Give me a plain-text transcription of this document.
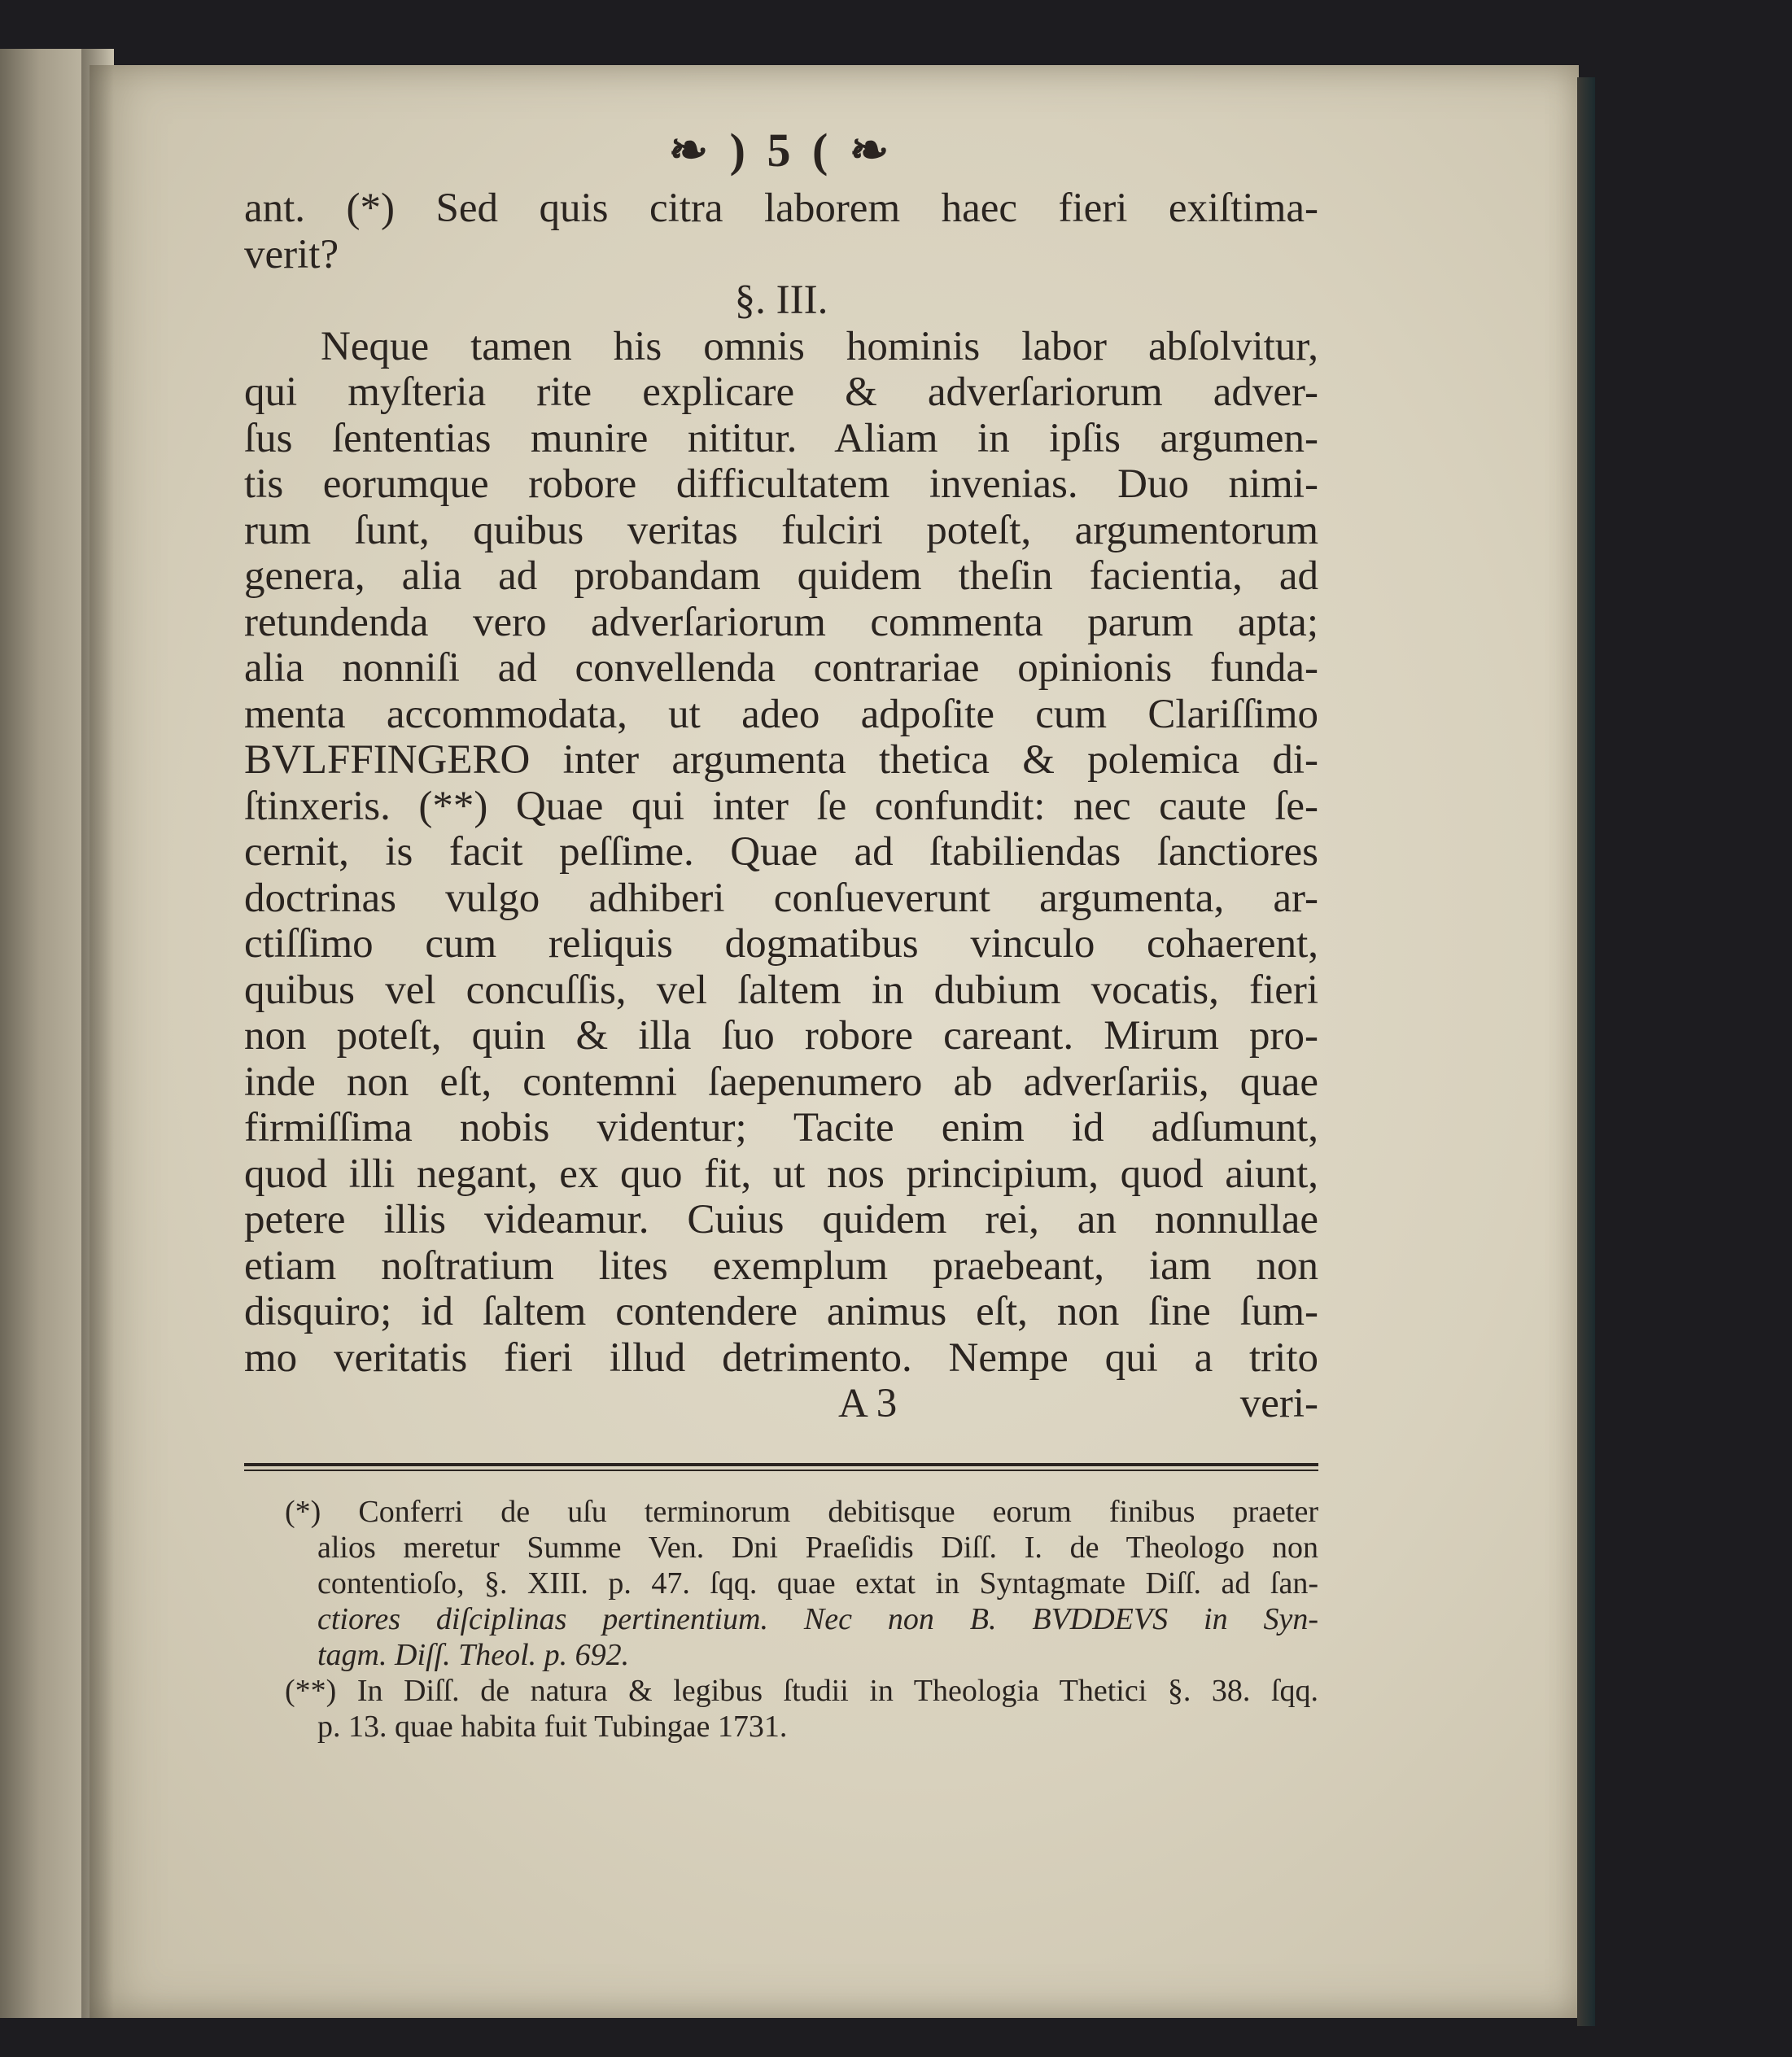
❧ ) 5 ( ❧
ant. (*) Sed quis citra laborem haec fieri exiſtima-
verit?
§. III.
Neque tamen his omnis hominis labor abſolvitur,
qui myſteria rite explicare & adverſariorum adver-
ſus ſententias munire nititur. Aliam in ipſis argumen-
tis eorumque robore difficultatem invenias. Duo nimi-
rum ſunt, quibus veritas fulciri poteſt, argumentorum
genera, alia ad probandam quidem theſin facientia, ad
retundenda vero adverſariorum commenta parum apta;
alia nonniſi ad convellenda contrariae opinionis funda-
menta accommodata, ut adeo adpoſite cum Clariſſimo
BVLFFINGERO inter argumenta thetica & polemica di-
ſtinxeris. (**) Quae qui inter ſe confundit: nec caute ſe-
cernit, is facit peſſime. Quae ad ſtabiliendas ſanctiores
doctrinas vulgo adhiberi conſueverunt argumenta, ar-
ctiſſimo cum reliquis dogmatibus vinculo cohaerent,
quibus vel concuſſis, vel ſaltem in dubium vocatis, fieri
non poteſt, quin & illa ſuo robore careant. Mirum pro-
inde non eſt, contemni ſaepenumero ab adverſariis, quae
firmiſſima nobis videntur; Tacite enim id adſumunt,
quod illi negant, ex quo fit, ut nos principium, quod aiunt,
petere illis videamur. Cuius quidem rei, an nonnullae
etiam noſtratium lites exemplum praebeant, iam non
disquiro; id ſaltem contendere animus eſt, non ſine ſum-
mo veritatis fieri illud detrimento. Nempe qui a trito
A 3	veri-
(*) Conferri de uſu terminorum debitisque eorum finibus praeter
alios meretur Summe Ven. Dni Praeſidis Diſſ. I. de Theologo non
contentioſo, §. XIII. p. 47. ſqq. quae extat in Syntagmate Diſſ. ad ſan-
ctiores diſciplinas pertinentium. Nec non B. BVDDEVS in Syn-
tagm. Diſſ. Theol. p. 692.
(**) In Diſſ. de natura & legibus ſtudii in Theologia Thetici §. 38. ſqq.
p. 13. quae habita fuit Tubingae 1731.
